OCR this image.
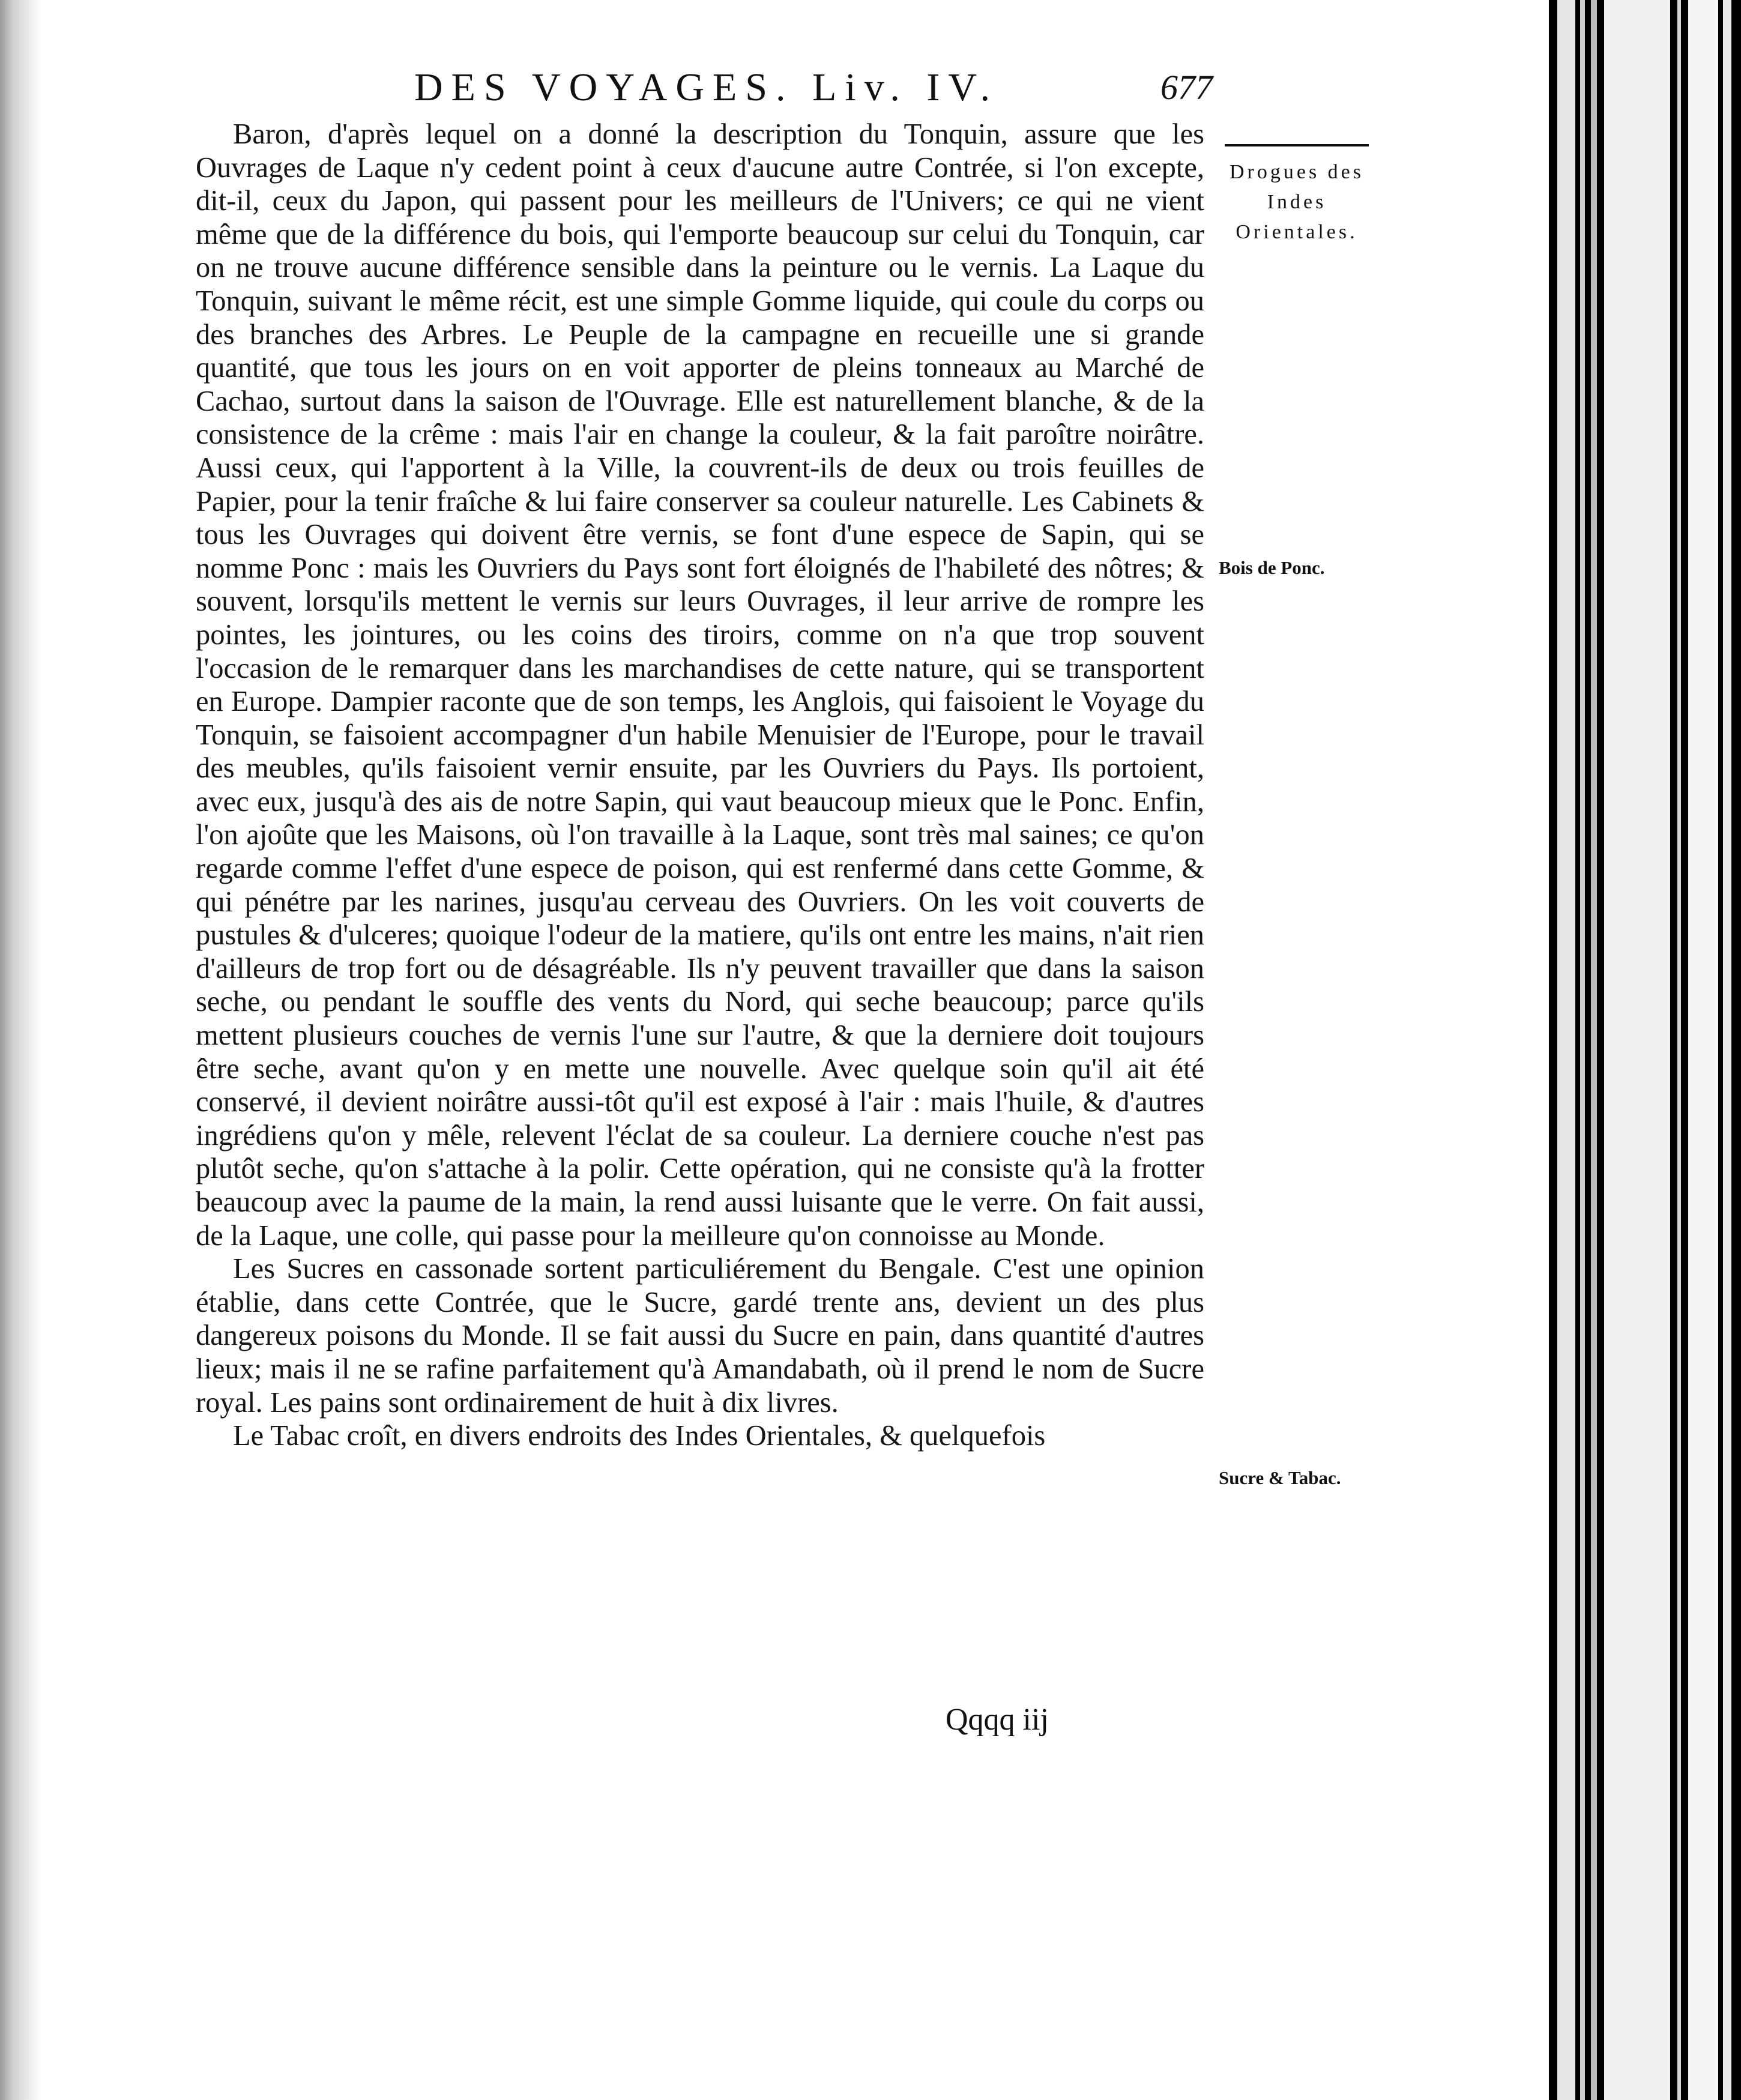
DES VOYAGES. Liv. IV.	677

Baron, d'après lequel on a donné la description du Tonquin, assure que les Ouvrages de Laque n'y cedent point à ceux d'aucune autre Contrée, si l'on excepte, dit-il, ceux du Japon, qui passent pour les meilleurs de l'Univers; ce qui ne vient même que de la différence du bois, qui l'emporte beaucoup sur celui du Tonquin, car on ne trouve aucune différence sensible dans la peinture ou le vernis. La Laque du Tonquin, suivant le même récit, est une simple Gomme liquide, qui coule du corps ou des branches des Arbres. Le Peuple de la campagne en recueille une si grande quantité, que tous les jours on en voit apporter de pleins tonneaux au Marché de Cachao, surtout dans la saison de l'Ouvrage. Elle est naturellement blanche, & de la consistence de la crême : mais l'air en change la couleur, & la fait paroître noirâtre. Aussi ceux, qui l'apportent à la Ville, la couvrent-ils de deux ou trois feuilles de Papier, pour la tenir fraîche & lui faire conserver sa couleur naturelle. Les Cabinets & tous les Ouvrages qui doivent être vernis, se font d'une espece de Sapin, qui se nomme Ponc : mais les Ouvriers du Pays sont fort éloignés de l'habileté des nôtres; & souvent, lorsqu'ils mettent le vernis sur leurs Ouvrages, il leur arrive de rompre les pointes, les jointures, ou les coins des tiroirs, comme on n'a que trop souvent l'occasion de le remarquer dans les marchandises de cette nature, qui se transportent en Europe. Dampier raconte que de son temps, les Anglois, qui faisoient le Voyage du Tonquin, se faisoient accompagner d'un habile Menuisier de l'Europe, pour le travail des meubles, qu'ils faisoient vernir ensuite, par les Ouvriers du Pays. Ils portoient, avec eux, jusqu'à des ais de notre Sapin, qui vaut beaucoup mieux que le Ponc. Enfin, l'on ajoûte que les Maisons, où l'on travaille à la Laque, sont très mal saines; ce qu'on regarde comme l'effet d'une espece de poison, qui est renfermé dans cette Gomme, & qui pénétre par les narines, jusqu'au cerveau des Ouvriers. On les voit couverts de pustules & d'ulceres; quoique l'odeur de la matiere, qu'ils ont entre les mains, n'ait rien d'ailleurs de trop fort ou de désagréable. Ils n'y peuvent travailler que dans la saison seche, ou pendant le souffle des vents du Nord, qui seche beaucoup; parce qu'ils mettent plusieurs couches de vernis l'une sur l'autre, & que la derniere doit toujours être seche, avant qu'on y en mette une nouvelle. Avec quelque soin qu'il ait été conservé, il devient noirâtre aussi-tôt qu'il est exposé à l'air : mais l'huile, & d'autres ingrédiens qu'on y mêle, relevent l'éclat de sa couleur. La derniere couche n'est pas plutôt seche, qu'on s'attache à la polir. Cette opération, qui ne consiste qu'à la frotter beaucoup avec la paume de la main, la rend aussi luisante que le verre. On fait aussi, de la Laque, une colle, qui passe pour la meilleure qu'on connoisse au Monde.

Les Sucres en cassonade sortent particuliérement du Bengale. C'est une opinion établie, dans cette Contrée, que le Sucre, gardé trente ans, devient un des plus dangereux poisons du Monde. Il se fait aussi du Sucre en pain, dans quantité d'autres lieux; mais il ne se rafine parfaitement qu'à Amandabath, où il prend le nom de Sucre royal. Les pains sont ordinairement de huit à dix livres.

Le Tabac croît, en divers endroits des Indes Orientales, & quelquefois

Drogues des Indes Orientales.
Bois de Ponc.
Sucre & Tabac.
Qqqq iij
